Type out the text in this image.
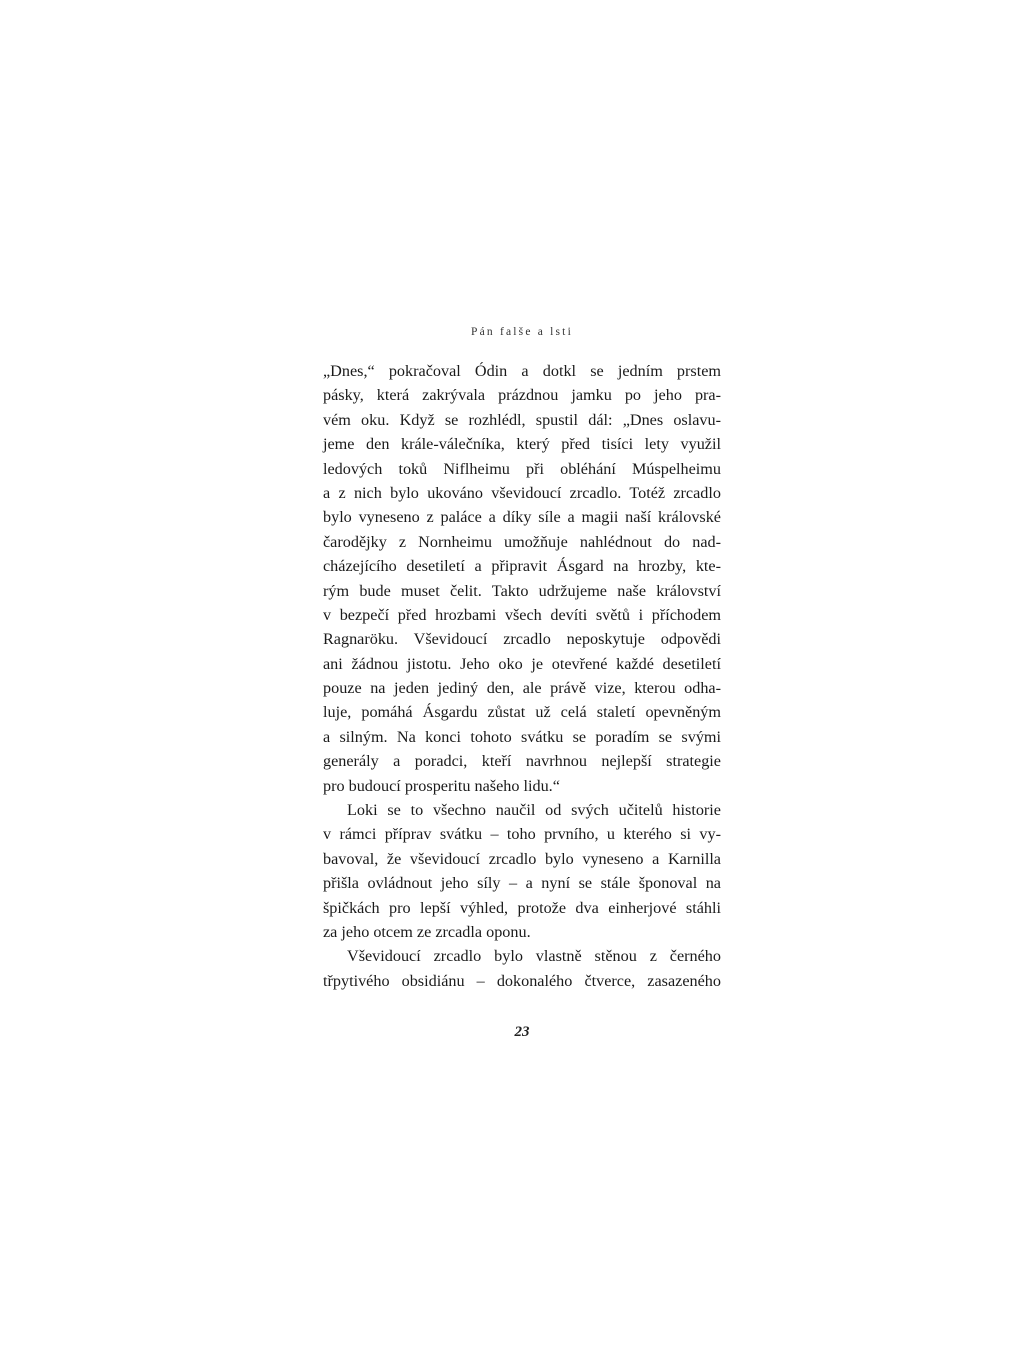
Pán falše a lsti
„Dnes,“ pokračoval Ódin a dotkl se jedním prstem
pásky, která zakrývala prázdnou jamku po jeho pra-
vém oku. Když se rozhlédl, spustil dál: „Dnes oslavu-
jeme den krále-válečníka, který před tisíci lety využil
ledových toků Niflheimu při obléhání Múspelheimu
a z nich bylo ukováno vševidoucí zrcadlo. Totéž zrcadlo
bylo vyneseno z paláce a díky síle a magii naší královské
čarodějky z Nornheimu umožňuje nahlédnout do nad-
cházejícího desetiletí a připravit Ásgard na hrozby, kte-
rým bude muset čelit. Takto udržujeme naše království
v bezpečí před hrozbami všech devíti světů i příchodem
Ragnaröku. Vševidoucí zrcadlo neposkytuje odpovědi
ani žádnou jistotu. Jeho oko je otevřené každé desetiletí
pouze na jeden jediný den, ale právě vize, kterou odha-
luje, pomáhá Ásgardu zůstat už celá staletí opevněným
a silným. Na konci tohoto svátku se poradím se svými
generály a poradci, kteří navrhnou nejlepší strategie
pro budoucí prosperitu našeho lidu.“
Loki se to všechno naučil od svých učitelů historie
v rámci příprav svátku – toho prvního, u kterého si vy-
bavoval, že vševidoucí zrcadlo bylo vyneseno a Karnilla
přišla ovládnout jeho síly – a nyní se stále šponoval na
špičkách pro lepší výhled, protože dva einherjové stáhli
za jeho otcem ze zrcadla oponu.
Vševidoucí zrcadlo bylo vlastně stěnou z černého
třpytivého obsidiánu – dokonalého čtverce, zasazeného
23
